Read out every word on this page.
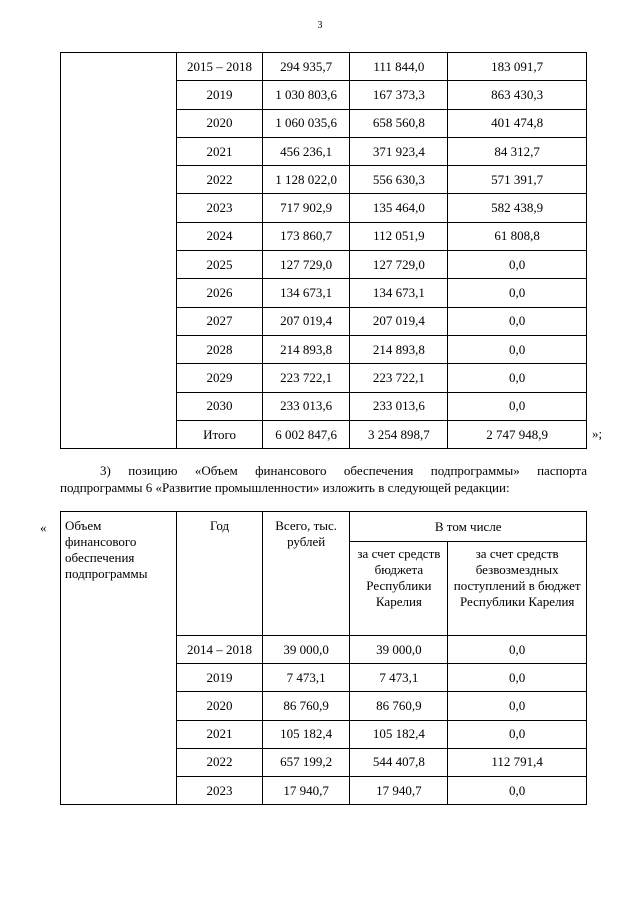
3
	2015 – 2018	294 935,7	111 844,0	183 091,7
	2019	1 030 803,6	167 373,3	863 430,3
	2020	1 060 035,6	658 560,8	401 474,8
	2021	456 236,1	371 923,4	84 312,7
	2022	1 128 022,0	556 630,3	571 391,7
	2023	717 902,9	135 464,0	582 438,9
	2024	173 860,7	112 051,9	61 808,8
	2025	127 729,0	127 729,0	0,0
	2026	134 673,1	134 673,1	0,0
	2027	207 019,4	207 019,4	0,0
	2028	214 893,8	214 893,8	0,0
	2029	223 722,1	223 722,1	0,0
	2030	233 013,6	233 013,6	0,0
	Итого	6 002 847,6	3 254 898,7	2 747 948,9	»;
3) позицию «Объем финансового обеспечения подпрограммы» паспорта
подпрограммы 6 «Развитие промышленности» изложить в следующей редакции:
« Объем финансового обеспечения подпрограммы	Год	Всего, тыс. рублей	В том числе	
			за счет средств бюджета Республики Карелия	за счет средств безвозмездных поступлений в бюджет Республики Карелия
	2014 – 2018	39 000,0	39 000,0	0,0
	2019	7 473,1	7 473,1	0,0
	2020	86 760,9	86 760,9	0,0
	2021	105 182,4	105 182,4	0,0
	2022	657 199,2	544 407,8	112 791,4
	2023	17 940,7	17 940,7	0,0
